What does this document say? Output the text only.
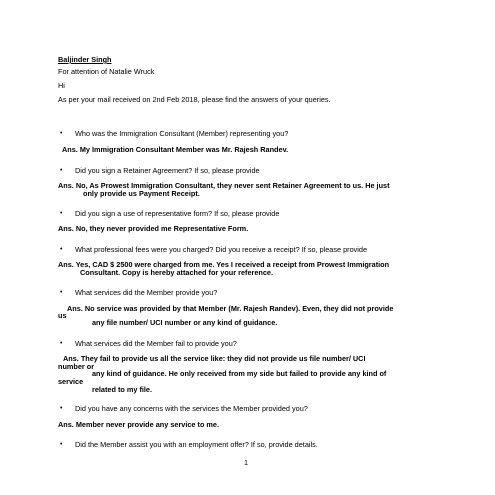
Baljinder Singh
For attention of Natalie Wruck
Hi
As per your mail received on 2nd Feb 2018, please find the answers of your queries.
• Who was the Immigration Consultant (Member) representing you?
Ans. My Immigration Consultant Member was Mr. Rajesh Randev.
• Did you sign a Retainer Agreement? If so, please provide
Ans. No, As Prowest Immigration Consultant, they never sent Retainer Agreement to us. He just
only provide us Payment Receipt.
• Did you sign a use of representative form? If so, please provide
Ans. No, they never provided me Representative Form.
• What professional fees were you charged? Did you receive a receipt? If so, please provide
Ans. Yes, CAD $ 2500 were charged from me. Yes I received a receipt from Prowest Immigration
Consultant. Copy is hereby attached for your reference.
• What services did the Member provide you?
Ans. No service was provided by that Member (Mr. Rajesh Randev). Even, they did not provide
us
any file number/ UCI number or any kind of guidance.
• What services did the Member fail to provide you?
Ans. They fail to provide us all the service like: they did not provide us file number/ UCI
number or
any kind of guidance. He only received from my side but failed to provide any kind of
service
related to my file.
• Did you have any concerns with the services the Member provided you?
Ans. Member never provide any service to me.
• Did the Member assist you with an employment offer? If so, provide details.
1
